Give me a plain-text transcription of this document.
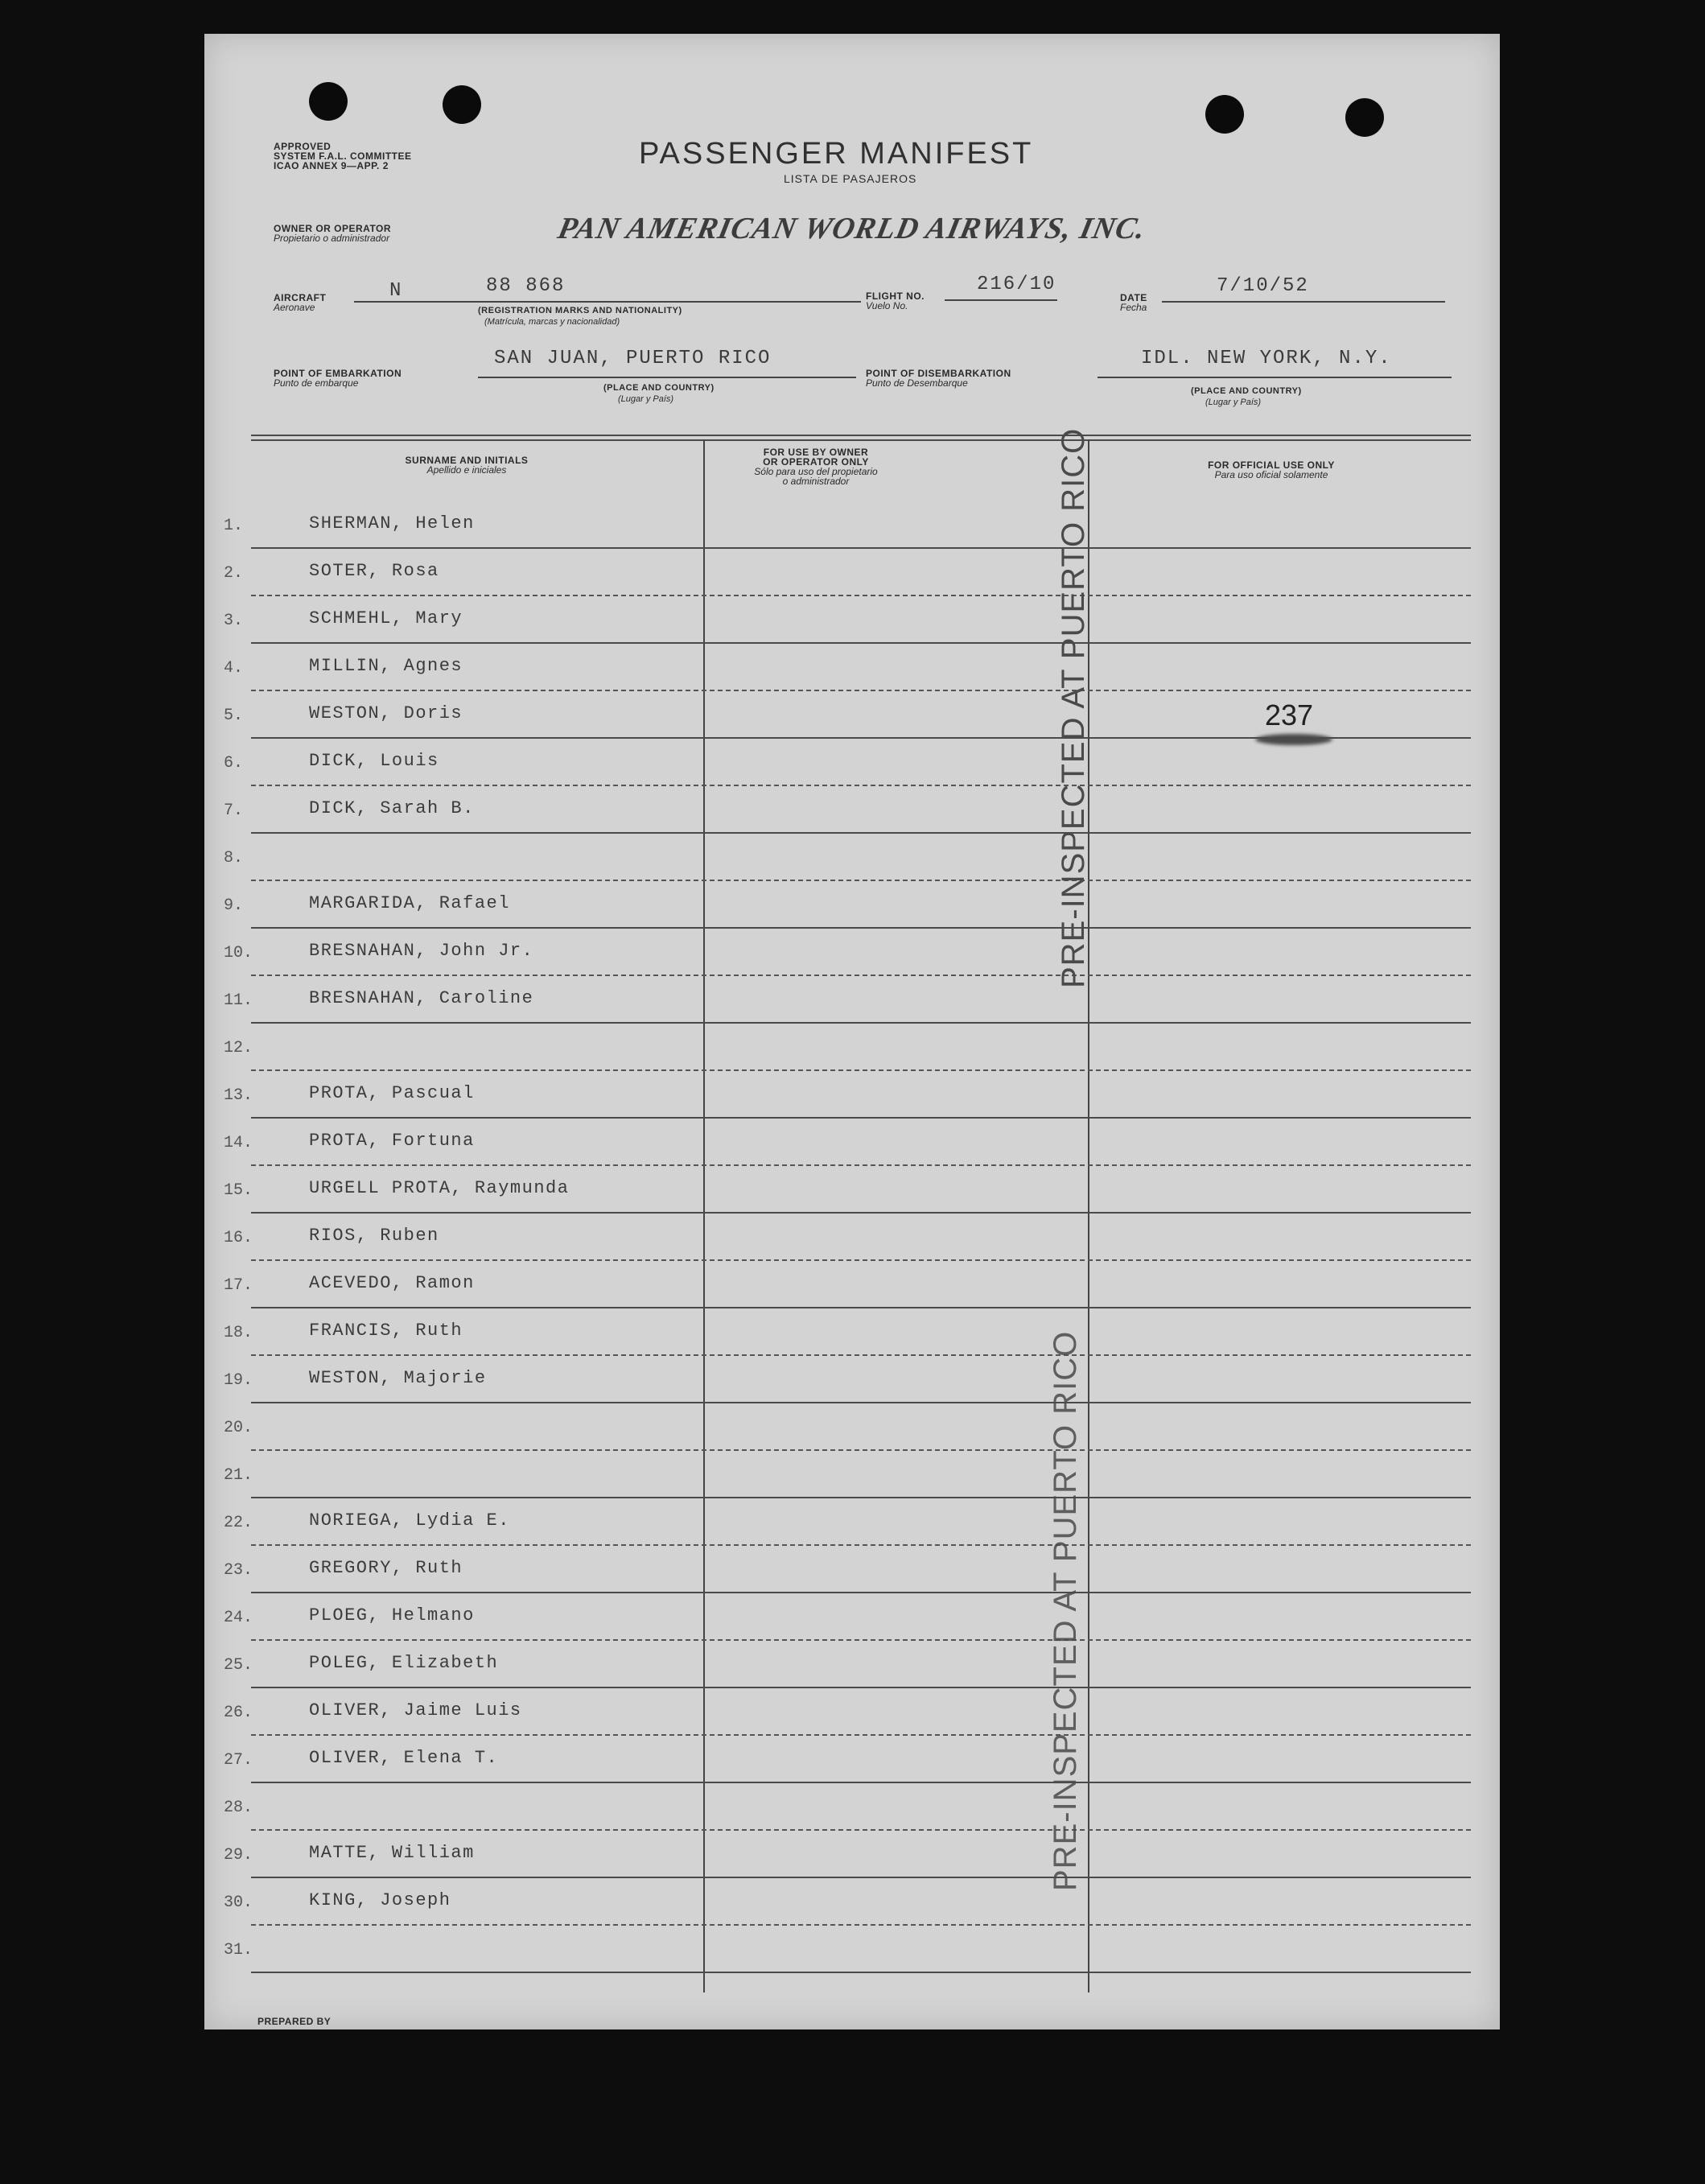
APPROVED
SYSTEM F.A.L. COMMITTEE
ICAO ANNEX 9—APP. 2	PASSENGER MANIFEST
LISTA DE PASAJEROS
OWNER OR OPERATOR
Propietario o administrador	PAN AMERICAN WORLD AIRWAYS, INC.
AIRCRAFT
Aeronave
N	88 868
(REGISTRATION MARKS AND NATIONALITY)
(Matrícula, marcas y nacionalidad)
FLIGHT NO.
Vuelo No.
216/10
DATE
Fecha
7/10/52
POINT OF EMBARKATION
Punto de embarque
SAN JUAN, PUERTO RICO
(PLACE AND COUNTRY)
(Lugar y País)
POINT OF DISEMBARKATION
Punto de Desembarque
IDL. NEW YORK, N.Y.
(PLACE AND COUNTRY)
(Lugar y País)
SURNAME AND INITIALS
Apellido e iniciales
FOR USE BY OWNER
OR OPERATOR ONLY
Sólo para uso del propietario
o administrador
FOR OFFICIAL USE ONLY
Para uso oficial solamente
1.	SHERMAN, Helen
2.	SOTER, Rosa
3.	SCHMEHL, Mary
4.	MILLIN, Agnes
5.	WESTON, Doris
6.	DICK, Louis
7.	DICK, Sarah B.
8.
9.	MARGARIDA, Rafael
10.	BRESNAHAN, John Jr.
11.	BRESNAHAN, Caroline
12.
13.	PROTA, Pascual
14.	PROTA, Fortuna
15.	URGELL PROTA, Raymunda
16.	RIOS, Ruben
17.	ACEVEDO, Ramon
18.	FRANCIS, Ruth
19.	WESTON, Majorie
20.
21.
22.	NORIEGA, Lydia E.
23.	GREGORY, Ruth
24.	PLOEG, Helmano
25.	POLEG, Elizabeth
26.	OLIVER, Jaime Luis
27.	OLIVER, Elena T.
28.
29.	MATTE, William
30.	KING, Joseph
31.
PRE-INSPECTED AT PUERTO RICO
PRE-INSPECTED AT PUERTO RICO
237
PREPARED BY
